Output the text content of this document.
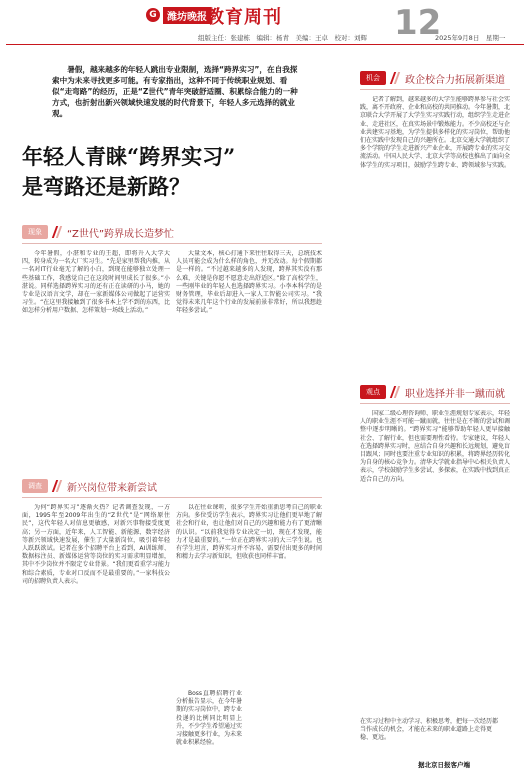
G	潍坊晚报 教育周刊	12
组版主任：张建栋　编辑：杨青　美编：王卓　校对：刘辉	2025年9月8日　星期一

暑假，越来越多的年轻人跳出专业限制，选择“跨界实习”，在自我探索中为未来寻找更多可能。有专家指出，这种不同于传统职业规划、看似“走弯路”的经历，正是“Z世代”青年突破舒适圈、积累综合能力的一种方式，也折射出新兴领域快速发展的时代背景下，年轻人多元选择的就业观。

年轻人青睐“跨界实习”
是弯路还是新路？
现象	“Z世代”跨界成长造梦忙

今年暑假，小湛和专业的王超，即将升入大学大四，转身成为一名大厂实习生。“先是家里帮我内推，从一名对IT行业毫无了解的小白，到现在能够独立处理一些基础工作，我感觉自己在这段时间里成长了很多。”小湛说。同样选择跨界实习的还有正在读研的小马，她的专业是汉语言文学，却在一家新媒体公司做起了运营实习生。“在这里我接触到了很多书本上学不到的东西，比如怎样分析用户数据、怎样策划一场线上活动。”

大量文本，核心打通下来往往取得三天，总统技术人员可能会成为什么样的角色，并无改动。每个假期都是一样的。“不过越来越多的人发现，跨界其实没有那么难，关键是你愿不愿意走出舒适区。”除了高校学生，一些刚毕业的年轻人也选择跨界实习。小李本科学的是财务管理，毕业后却进入一家人工智能公司实习。“我觉得未来几年这个行业的发展前景非常好，所以我想趁年轻多尝试。”

调查	新兴岗位带来新尝试

为何“跨界实习”逐渐火热？记者调查发现，一方面，1995年至2009年出生的“Z世代”是“网络原住民”，这代年轻人对信息更敏感，对新兴事物接受度更高；另一方面，近年来，人工智能、新能源、数字经济等新兴领域快速发展，催生了大量新岗位，吸引着年轻人跃跃欲试。记者在多个招聘平台上看到，AI训练师、数据标注员、新媒体运营等岗位的实习需求明显增加，其中不少岗位并不限定专业背景。“我们更看重学习能力和综合素质，专业对口反而不是最重要的。”一家科技公司的招聘负责人表示。

以在往业课听，很多学生开始重新思考自己的职业方向。多位受访学生表示，跨界实习让他们更早地了解社会和行业，也让他们对自己的兴趣和能力有了更清晰的认识。“以前我觉得专业决定一切，现在才发现，能力才是最重要的。”一位正在跨界实习的大三学生说。也有学生坦言，跨界实习并不容易，需要付出更多的时间和精力去学习新知识，但收获也同样丰富。

Boss直聘招聘行业分析报告显示，在今年暑期的实习岗位中，跨专业投递的比例同比明显上升，不少学生希望通过实习接触更多行业，为未来就业积累经验。

机会	政企校合力拓展新渠道

记者了解到，越来越多的大学生能够跨界参与社会实践，离不开政府、企业和高校的共同推动。今年暑期，北京联合大学开展了大学生实习实践行动，组织学生走进企业、走进社区，在真实场景中锻炼能力。不少高校还与企业共建实习基地，为学生提供多样化的实习岗位，帮助他们在实践中发现自己的兴趣所在。北京交通大学就组织了多个学院的学生走进新兴产业企业，开展跨专业的实习交流活动。中国人民大学、北京大学等高校也推出了面向全体学生的实习项目，鼓励学生跨专业、跨领域参与实践。

观点	职业选择并非一蹴而就

国家二级心理咨询师、职业生涯规划专家表示，年轻人的职业生涯不可能一蹴而就，往往是在不断的尝试和调整中逐步明晰的。“跨界实习”能够帮助年轻人更早接触社会、了解行业，但也需要理性看待。专家建议，年轻人在选择跨界实习时，应结合自身兴趣和长远规划，避免盲目跟风；同时也要注重专业知识的积累，将跨界经历转化为自身的核心竞争力。清华大学就业指导中心相关负责人表示，学校鼓励学生多尝试、多探索，在实践中找到真正适合自己的方向。

在实习过程中主动学习、积极思考，把每一次经历都当作成长的机会，才能在未来的职业道路上走得更稳、更远。

据北京日报客户端
